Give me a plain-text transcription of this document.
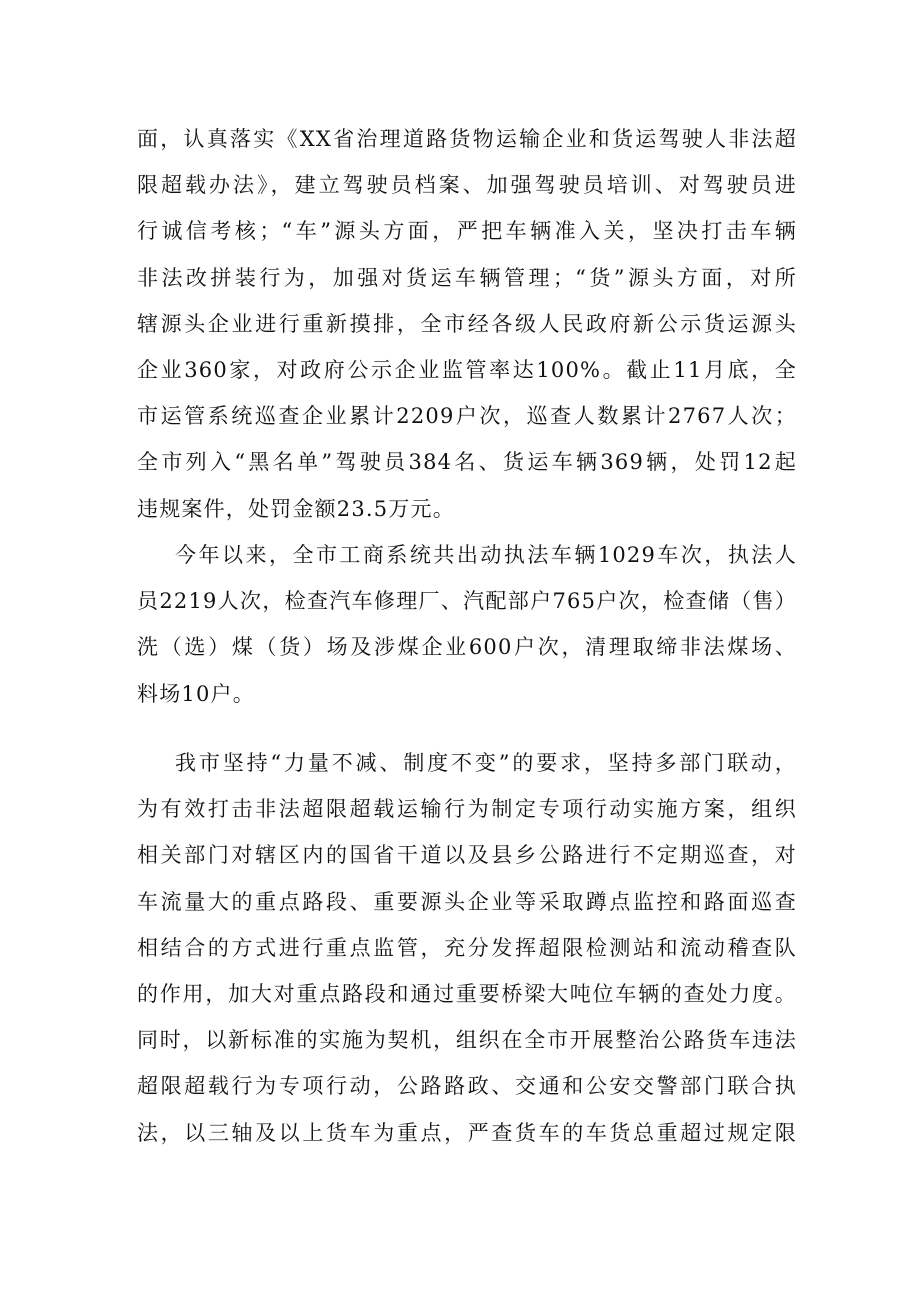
面，认真落实《XX省治理道路货物运输企业和货运驾驶人非法超
限超载办法》，建立驾驶员档案、加强驾驶员培训、对驾驶员进
行诚信考核；“车”源头方面，严把车辆准入关，坚决打击车辆
非法改拼装行为，加强对货运车辆管理；“货”源头方面，对所
辖源头企业进行重新摸排，全市经各级人民政府新公示货运源头
企业360家，对政府公示企业监管率达100%。截止11月底，全
市运管系统巡查企业累计2209户次，巡查人数累计2767人次；
全市列入“黑名单”驾驶员384名、货运车辆369辆，处罚12起
违规案件，处罚金额23.5万元。
今年以来，全市工商系统共出动执法车辆1029车次，执法人
员2219人次，检查汽车修理厂、汽配部户765户次，检查储（售）
洗（选）煤（货）场及涉煤企业600户次，清理取缔非法煤场、
料场10户。
我市坚持“力量不减、制度不变”的要求，坚持多部门联动，
为有效打击非法超限超载运输行为制定专项行动实施方案，组织
相关部门对辖区内的国省干道以及县乡公路进行不定期巡查，对
车流量大的重点路段、重要源头企业等采取蹲点监控和路面巡查
相结合的方式进行重点监管，充分发挥超限检测站和流动稽查队
的作用，加大对重点路段和通过重要桥梁大吨位车辆的查处力度。
同时，以新标准的实施为契机，组织在全市开展整治公路货车违法
超限超载行为专项行动，公路路政、交通和公安交警部门联合执
法，以三轴及以上货车为重点，严查货车的车货总重超过规定限
